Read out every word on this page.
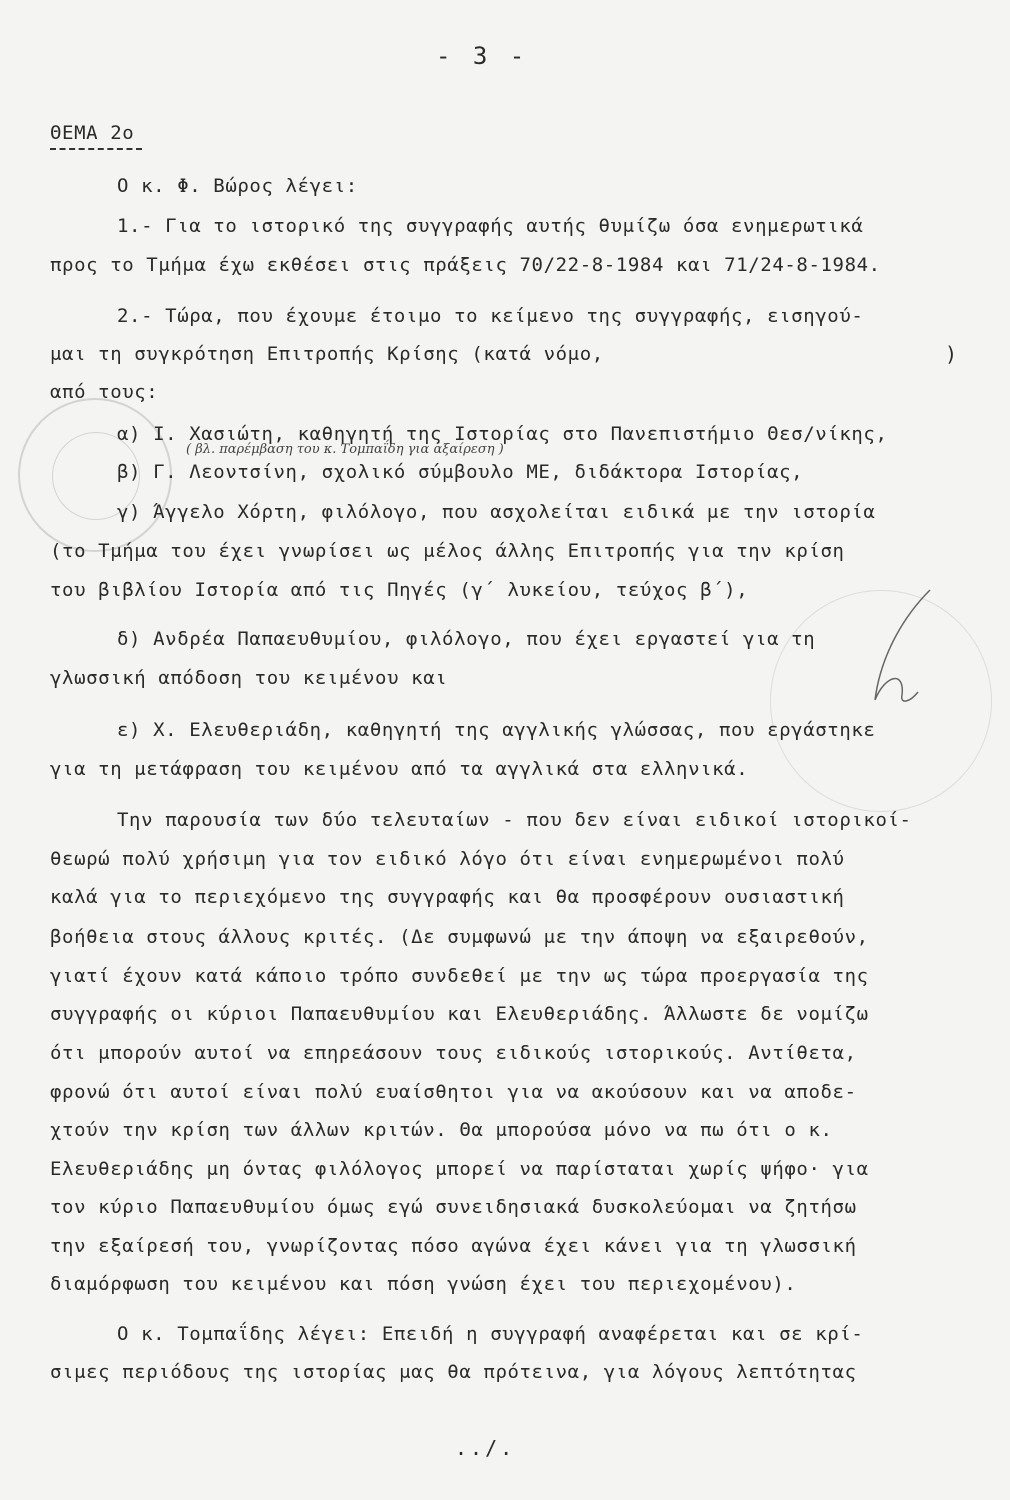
- 3 -
ΘΕΜΑ 2ο
Ο κ. Φ. Βώρος λέγει:
1.- Για το ιστορικό της συγγραφής αυτής θυμίζω όσα ενημερωτικά
προς το Τμήμα έχω εκθέσει στις πράξεις 70/22-8-1984 και 71/24-8-1984.
2.- Τώρα, που έχουμε έτοιμο το κείμενο της συγγραφής, εισηγού-
μαι τη συγκρότηση Επιτροπής Κρίσης (κατά νόμο,	)
από τους:
α) Ι. Χασιώτη, καθηγητή της Ιστορίας στο Πανεπιστήμιο Θεσ/νίκης,
( βλ. παρέμβαση του κ. Τομπαΐδη για αξαίρεση )
β) Γ. Λεοντσίνη, σχολικό σύμβουλο ΜΕ, διδάκτορα Ιστορίας,
γ) Άγγελο Χόρτη, φιλόλογο, που ασχολείται ειδικά με την ιστορία
(το Τμήμα του έχει γνωρίσει ως μέλος άλλης Επιτροπής για την κρίση
του βιβλίου Ιστορία από τις Πηγές (γ΄ λυκείου, τεύχος β΄),
δ) Ανδρέα Παπαευθυμίου, φιλόλογο, που έχει εργαστεί για τη
γλωσσική απόδοση του κειμένου και
ε) Χ. Ελευθεριάδη, καθηγητή της αγγλικής γλώσσας, που εργάστηκε
για τη μετάφραση του κειμένου από τα αγγλικά στα ελληνικά.
Την παρουσία των δύο τελευταίων - που δεν είναι ειδικοί ιστορικοί-
θεωρώ πολύ χρήσιμη για τον ειδικό λόγο ότι είναι ενημερωμένοι πολύ
καλά για το περιεχόμενο της συγγραφής και θα προσφέρουν ουσιαστική
βοήθεια στους άλλους κριτές. (Δε συμφωνώ με την άποψη να εξαιρεθούν,
γιατί έχουν κατά κάποιο τρόπο συνδεθεί με την ως τώρα προεργασία της
συγγραφής οι κύριοι Παπαευθυμίου και Ελευθεριάδης. Άλλωστε δε νομίζω
ότι μπορούν αυτοί να επηρεάσουν τους ειδικούς ιστορικούς. Αντίθετα,
φρονώ ότι αυτοί είναι πολύ ευαίσθητοι για να ακούσουν και να αποδε-
χτούν την κρίση των άλλων κριτών. Θα μπορούσα μόνο να πω ότι ο κ.
Ελευθεριάδης μη όντας φιλόλογος μπορεί να παρίσταται χωρίς ψήφο· για
τον κύριο Παπαευθυμίου όμως εγώ συνειδησιακά δυσκολεύομαι να ζητήσω
την εξαίρεσή του, γνωρίζοντας πόσο αγώνα έχει κάνει για τη γλωσσική
διαμόρφωση του κειμένου και πόση γνώση έχει του περιεχομένου).
Ο κ. Τομπαΐδης λέγει: Επειδή η συγγραφή αναφέρεται και σε κρί-
σιμες περιόδους της ιστορίας μας θα πρότεινα, για λόγους λεπτότητας
../.
